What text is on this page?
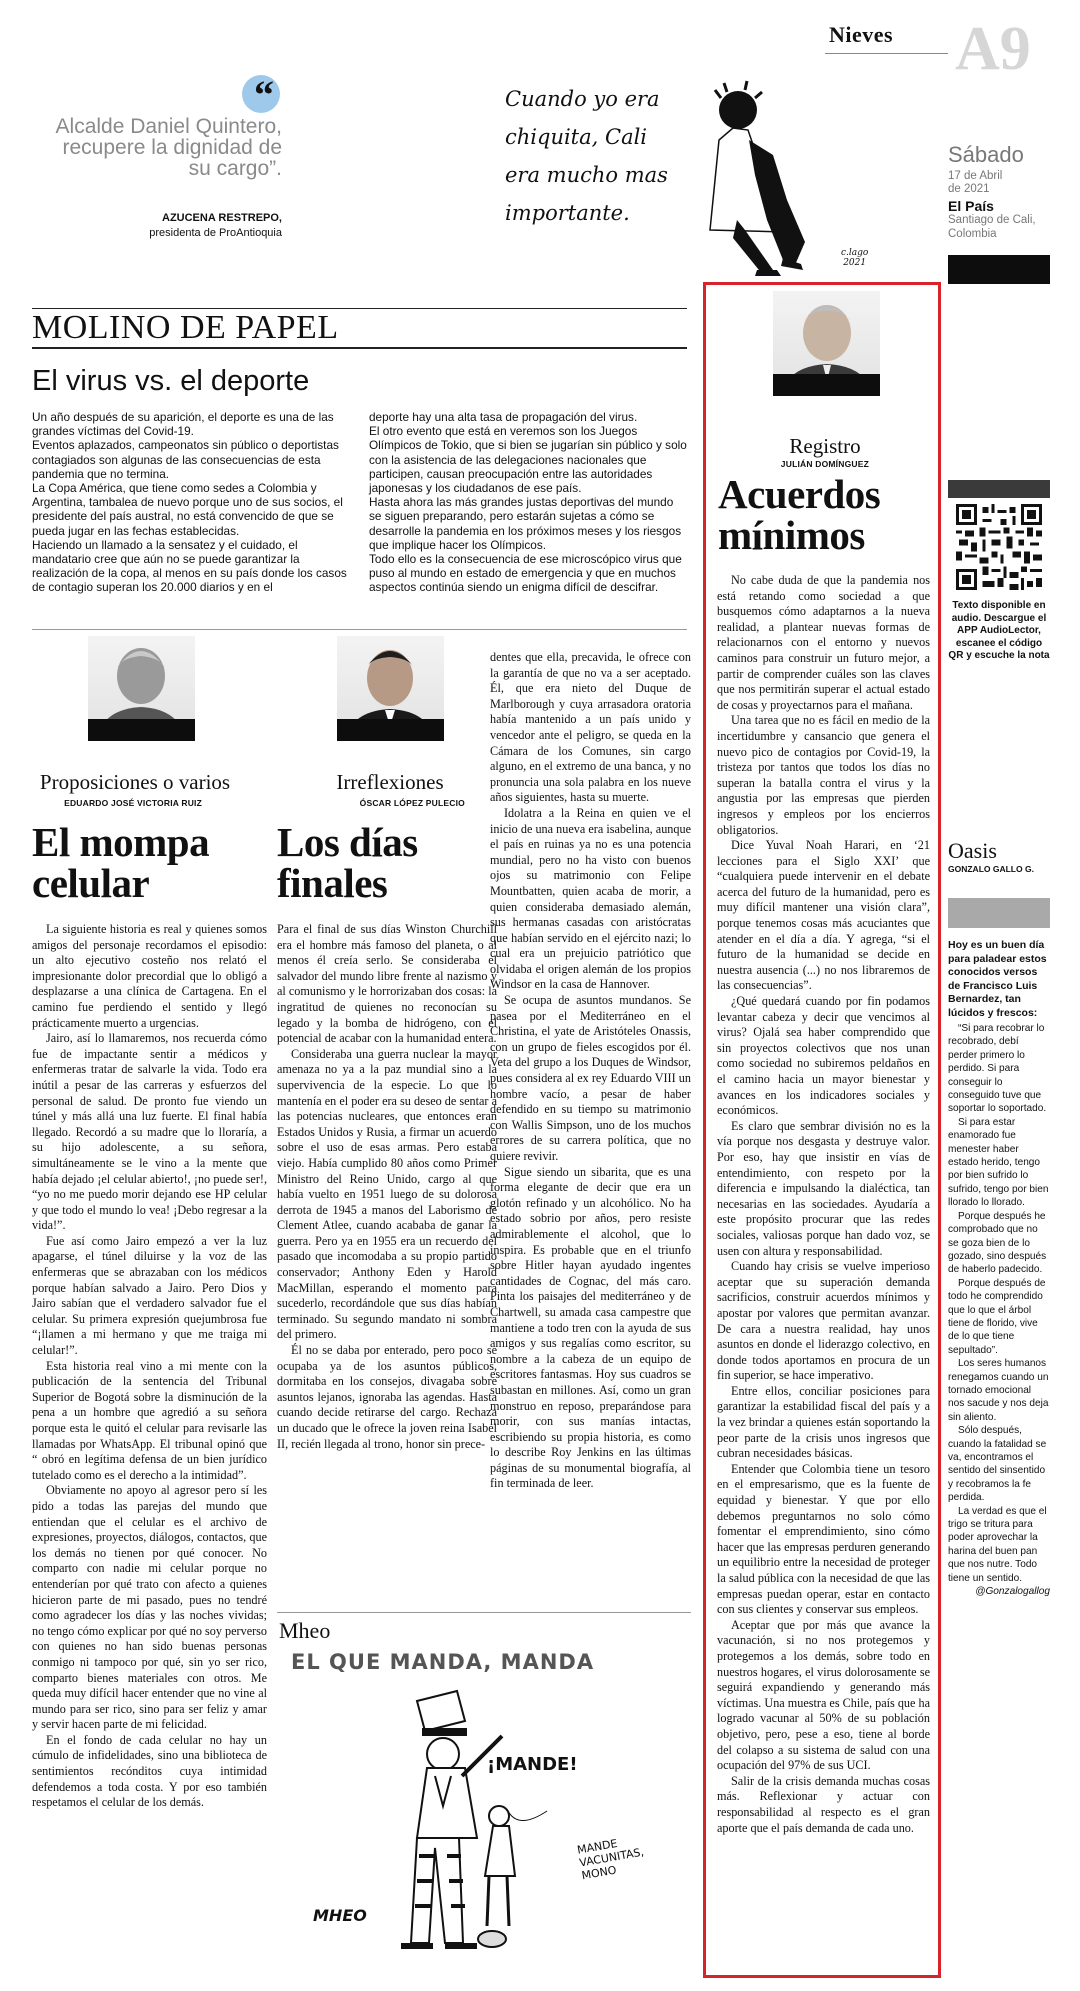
Nieves A9
Sábado
17 de Abril
de 2021
El País
Santiago de Cali,
Colombia
“
Alcalde Daniel Quintero, recupere la dignidad de su cargo”.
AZUCENA RESTREPO,
presidenta de ProAntioquia
Cuando yo era
chiquita, Cali
era mucho mas
importante.
c.lago
2021
MOLINO DE PAPEL
El virus vs. el deporte
Un año después de su aparición, el deporte es una de las grandes víctimas del Covid-19.
Eventos aplazados, campeonatos sin público o deportistas contagiados son algunas de las consecuencias de esta pandemia que no termina.
La Copa América, que tiene como sedes a Colombia y Argentina, tambalea de nuevo porque uno de sus socios, el presidente del país austral, no está convencido de que se pueda jugar en las fechas establecidas.
Haciendo un llamado a la sensatez y el cuidado, el mandatario cree que aún no se puede garantizar la realización de la copa, al menos en su país donde los casos de contagio superan los 20.000 diarios y en el
deporte hay una alta tasa de propagación del virus.
El otro evento que está en veremos son los Juegos Olímpicos de Tokio, que si bien se jugarían sin público y solo con la asistencia de las delegaciones nacionales que participen, causan preocupación entre las autoridades japonesas y los ciudadanos de ese país.
Hasta ahora las más grandes justas deportivas del mundo se siguen preparando, pero estarán sujetas a cómo se desarrolle la pandemia en los próximos meses y los riesgos que implique hacer los Olímpicos.
Todo ello es la consecuencia de ese microscópico virus que puso al mundo en estado de emergencia y que en muchos aspectos continúa siendo un enigma difícil de descifrar.
Proposiciones o varios
EDUARDO JOSÉ VICTORIA RUIZ
El mompa
celular

La siguiente historia es real y quienes somos amigos del personaje recordamos el episodio: un alto ejecutivo costeño nos relató el impresionante dolor precordial que lo obligó a desplazarse a una clínica de Cartagena. En el camino fue perdiendo el sentido y llegó prácticamente muerto a urgencias.

Jairo, así lo llamaremos, nos recuerda cómo fue de impactante sentir a médicos y enfermeras tratar de salvarle la vida. Todo era inútil a pesar de las carreras y esfuerzos del personal de salud. De pronto fue viendo un túnel y más allá una luz fuerte. El final había llegado. Recordó a su madre que lo lloraría, a su hijo adolescente, a su señora, simultáneamente se le vino a la mente que había dejado ¡el celular abierto!, ¡no puede ser!, “yo no me puedo morir dejando ese HP celular y que todo el mundo lo vea! ¡Debo regresar a la vida!”.

Fue así como Jairo empezó a ver la luz apagarse, el túnel diluirse y la voz de las enfermeras que se abrazaban con los médicos porque habían salvado a Jairo. Pero Dios y Jairo sabían que el verdadero salvador fue el celular. Su primera expresión quejumbrosa fue “¡llamen a mi hermano y que me traiga mi celular!”.

Esta historia real vino a mi mente con la publicación de la sentencia del Tribunal Superior de Bogotá sobre la disminución de la pena a un hombre que agredió a su señora porque esta le quitó el celular para revisarle las llamadas por WhatsApp. El tribunal opinó que “ obró en legítima defensa de un bien jurídico tutelado como es el derecho a la intimidad”.

Obviamente no apoyo al agresor pero sí les pido a todas las parejas del mundo que entiendan que el celular es el archivo de expresiones, proyectos, diálogos, contactos, que los demás no tienen por qué conocer. No comparto con nadie mi celular porque no entenderían por qué trato con afecto a quienes hicieron parte de mi pasado, pues no tendré como agradecer los días y las noches vividas; no tengo cómo explicar por qué no soy perverso con quienes no han sido buenas personas conmigo ni tampoco por qué, sin yo ser rico, comparto bienes materiales con otros. Me queda muy difícil hacer entender que no vine al mundo para ser rico, sino para ser feliz y amar y servir hacen parte de mi felicidad.

En el fondo de cada celular no hay un cúmulo de infidelidades, sino una biblioteca de sentimientos recónditos cuya intimidad defendemos a toda costa. Y por eso también respetamos el celular de los demás.

Irreflexiones
ÓSCAR LÓPEZ PULECIO
Los días
finales

Para el final de sus días Winston Churchill era el hombre más famoso del planeta, o al menos él creía serlo. Se consideraba el salvador del mundo libre frente al nazismo y al comunismo y le horrorizaban dos cosas: la ingratitud de quienes no reconocían su legado y la bomba de hidrógeno, con el potencial de acabar con la humanidad entera.

Consideraba una guerra nuclear la mayor amenaza no ya a la paz mundial sino a la supervivencia de la especie. Lo que lo mantenía en el poder era su deseo de sentar a las potencias nucleares, que entonces eran Estados Unidos y Rusia, a firmar un acuerdo sobre el uso de esas armas. Pero estaba viejo. Había cumplido 80 años como Primer Ministro del Reino Unido, cargo al que había vuelto en 1951 luego de su dolorosa derrota de 1945 a manos del Laborismo de Clement Atlee, cuando acababa de ganar la guerra. Pero ya en 1955 era un recuerdo del pasado que incomodaba a su propio partido conservador; Anthony Eden y Harold MacMillan, esperando el momento para sucederlo, recordándole que sus días habían terminado. Su segundo mandato ni sombra del primero.

Él no se daba por enterado, pero poco se ocupaba ya de los asuntos públicos, dormitaba en los consejos, divagaba sobre asuntos lejanos, ignoraba las agendas. Hasta cuando decide retirarse del cargo. Rechaza un ducado que le ofrece la joven reina Isabel II, recién llegada al trono, honor sin prece-

dentes que ella, precavida, le ofrece con la garantía de que no va a ser aceptado. Él, que era nieto del Duque de Marlborough y cuya arrasadora oratoria había mantenido a un país unido y vencedor ante el peligro, se queda en la Cámara de los Comunes, sin cargo alguno, en el extremo de una banca, y no pronuncia una sola palabra en los nueve años siguientes, hasta su muerte.

Idolatra a la Reina en quien ve el inicio de una nueva era isabelina, aunque el país en ruinas ya no es una potencia mundial, pero no ha visto con buenos ojos su matrimonio con Felipe Mountbatten, quien acaba de morir, a quien consideraba demasiado alemán, sus hermanas casadas con aristócratas que habían servido en el ejército nazi; lo cual era un prejuicio patriótico que olvidaba el origen alemán de los propios Windsor en la casa de Hannover.

Se ocupa de asuntos mundanos. Se pasea por el Mediterráneo en el Christina, el yate de Aristóteles Onassis, con un grupo de fieles escogidos por él. Veta del grupo a los Duques de Windsor, pues considera al ex rey Eduardo VIII un hombre vacío, a pesar de haber defendido en su tiempo su matrimonio con Wallis Simpson, uno de los muchos errores de su carrera política, que no quiere revivir.

Sigue siendo un sibarita, que es una forma elegante de decir que era un glotón refinado y un alcohólico. No ha estado sobrio por años, pero resiste admirablemente el alcohol, que lo inspira. Es probable que en el triunfo sobre Hitler hayan ayudado ingentes cantidades de Cognac, del más caro. Pinta los paisajes del mediterráneo y de Chartwell, su amada casa campestre que mantiene a todo tren con la ayuda de sus amigos y sus regalías como escritor, su nombre a la cabeza de un equipo de escritores fantasmas. Hoy sus cuadros se subastan en millones. Así, como un gran monstruo en reposo, preparándose para morir, con sus manías intactas, escribiendo su propia historia, es como lo describe Roy Jenkins en las últimas páginas de su monumental biografía, al fin terminada de leer.

Mheo
EL QUE MANDA, MANDA
¡MANDE!
MANDE
VACUNITAS,
MONO
MHEO
Registro
JULIÁN DOMÍNGUEZ
Acuerdos
mínimos

No cabe duda de que la pandemia nos está retando como sociedad a que busquemos cómo adaptarnos a la nueva realidad, a plantear nuevas formas de relacionarnos con el entorno y nuevos caminos para construir un futuro mejor, a partir de comprender cuáles son las claves que nos permitirán superar el actual estado de cosas y proyectarnos para el mañana.

Una tarea que no es fácil en medio de la incertidumbre y cansancio que genera el nuevo pico de contagios por Covid-19, la tristeza por tantos que todos los días no superan la batalla contra el virus y la angustia por las empresas que pierden ingresos y empleos por los encierros obligatorios.

Dice Yuval Noah Harari, en ‘21 lecciones para el Siglo XXI’ que “cualquiera puede intervenir en el debate acerca del futuro de la humanidad, pero es muy difícil mantener una visión clara”, porque tenemos cosas más acuciantes que atender en el día a día. Y agrega, “si el futuro de la humanidad se decide en nuestra ausencia (...) no nos libraremos de las consecuencias”.

¿Qué quedará cuando por fin podamos levantar cabeza y decir que vencimos al virus? Ojalá sea haber comprendido que sin proyectos colectivos que nos unan como sociedad no subiremos peldaños en el camino hacia un mayor bienestar y avances en los indicadores sociales y económicos.

Es claro que sembrar división no es la vía porque nos desgasta y destruye valor. Por eso, hay que insistir en vías de entendimiento, con respeto por la diferencia e impulsando la dialéctica, tan necesarias en las sociedades. Ayudaría a este propósito procurar que las redes sociales, valiosas porque han dado voz, se usen con altura y responsabilidad.

Cuando hay crisis se vuelve imperioso aceptar que su superación demanda sacrificios, construir acuerdos mínimos y apostar por valores que permitan avanzar. De cara a nuestra realidad, hay unos asuntos en donde el liderazgo colectivo, en donde todos aportamos en procura de un fin superior, se hace imperativo.

Entre ellos, conciliar posiciones para garantizar la estabilidad fiscal del país y a la vez brindar a quienes están soportando la peor parte de la crisis unos ingresos que cubran necesidades básicas.

Entender que Colombia tiene un tesoro en el empresarismo, que es la fuente de equidad y bienestar. Y que por ello debemos preguntarnos no solo cómo fomentar el emprendimiento, sino cómo hacer que las empresas perduren generando un equilibrio entre la necesidad de proteger la salud pública con la necesidad de que las empresas puedan operar, estar en contacto con sus clientes y conservar sus empleos.

Aceptar que por más que avance la vacunación, si no nos protegemos y protegemos a los demás, sobre todo en nuestros hogares, el virus dolorosamente se seguirá expandiendo y generando más víctimas. Una muestra es Chile, país que ha logrado vacunar al 50% de su población objetivo, pero, pese a eso, tiene al borde del colapso a su sistema de salud con una ocupación del 97% de sus UCI.

Salir de la crisis demanda muchas cosas más. Reflexionar y actuar con responsabilidad al respecto es el gran aporte que el país demanda de cada uno.

Texto disponible en audio. Descargue el APP AudioLector, escanee el código QR y escuche la nota
Oasis
GONZALO GALLO G.
Hoy es un buen día para paladear estos conocidos versos de Francisco Luis Bernardez, tan lúcidos y frescos:

“Si para recobrar lo recobrado, debí perder primero lo perdido. Si para conseguir lo conseguido tuve que soportar lo soportado.

Si para estar enamorado fue menester haber estado herido, tengo por bien sufrido lo sufrido, tengo por bien llorado lo llorado.

Porque después he comprobado que no se goza bien de lo gozado, sino después de haberlo padecido.

Porque después de todo he comprendido que lo que el árbol tiene de florido, vive de lo que tiene sepultado”.

Los seres humanos renegamos cuando un tornado emocional nos sacude y nos deja sin aliento.

Sólo después, cuando la fatalidad se va, encontramos el sentido del sinsentido y recobramos la fe perdida.

La verdad es que el trigo se tritura para poder aprovechar la harina del buen pan que nos nutre. Todo tiene un sentido.

@Gonzalogallog
